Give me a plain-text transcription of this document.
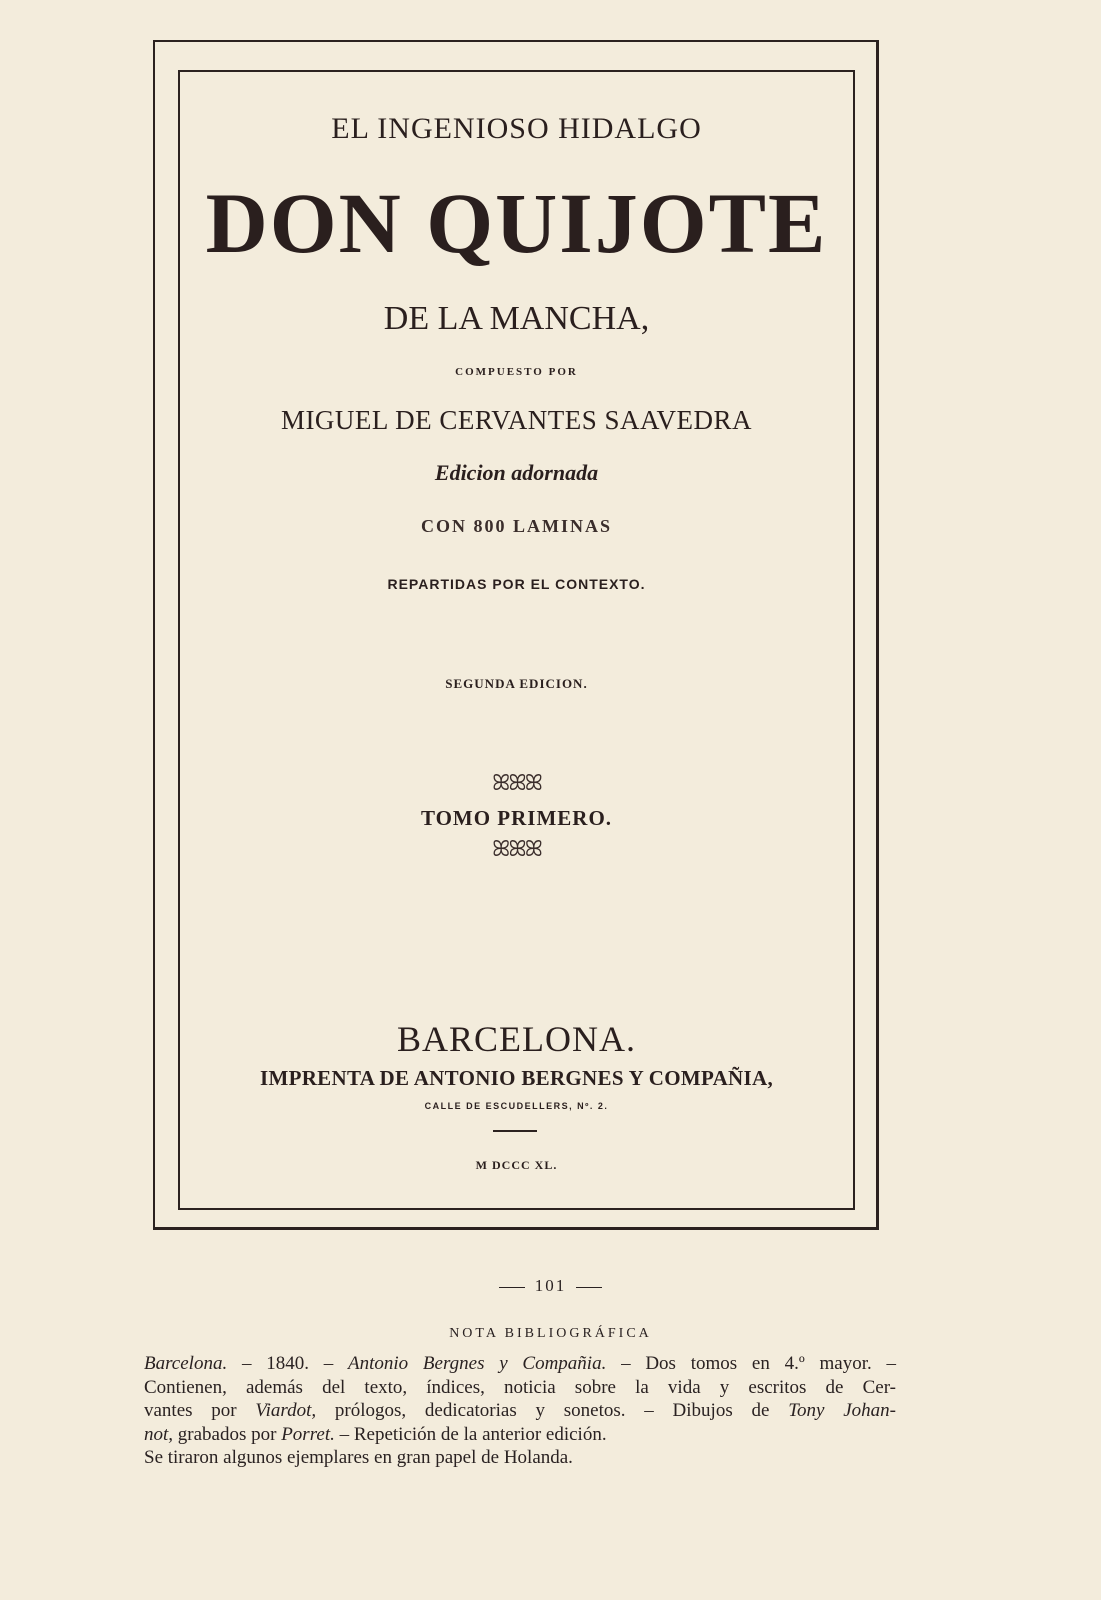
EL INGENIOSO HIDALGO
DON QUIJOTE
DE LA MANCHA,
COMPUESTO POR
MIGUEL DE CERVANTES SAAVEDRA
Edicion adornada
CON 800 LAMINAS
REPARTIDAS POR EL CONTEXTO.
SEGUNDA EDICION.
ꕤꕤꕤ
TOMO PRIMERO.
ꕤꕤꕤ
BARCELONA.
IMPRENTA DE ANTONIO BERGNES Y COMPAÑIA,
CALLE DE ESCUDELLERS, Nº. 2.
M DCCC XL.
101
NOTA BIBLIOGRÁFICA
Barcelona. – 1840. – Antonio Bergnes y Compañia. – Dos tomos en 4.º mayor. –
Contienen, además del texto, índices, noticia sobre la vida y escritos de Cer-
vantes por Viardot, prólogos, dedicatorias y sonetos. – Dibujos de Tony Johan-
not, grabados por Porret. – Repetición de la anterior edición.
Se tiraron algunos ejemplares en gran papel de Holanda.
